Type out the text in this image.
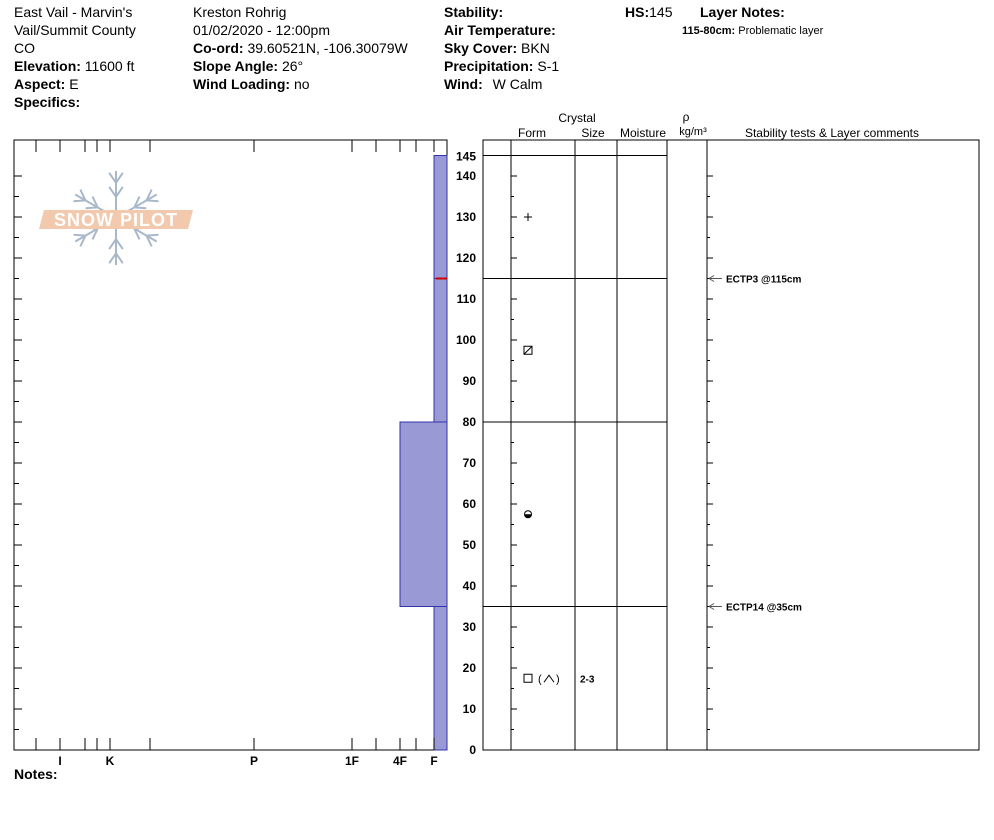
East Vail - Marvin's
Vail/Summit County
CO
Elevation: 11600 ft
Aspect: E
Specifics:
Kreston Rohrig
01/02/2020 - 12:00pm
Co-ord: 39.60521N, -106.30079W
Slope Angle: 26°
Wind Loading: no
Stability:
Air Temperature:
Sky Cover: BKN
Precipitation: S-1
Wind: W Calm
HS:145 Layer Notes:
115-80cm: Problematic layer
SNOW PILOT
I	K	P	1F	4F F
0
10
20
30
40
50
60
70
80
90
100
110
120
130
140
145
Crystal
Form	Size Moisture
ρ
kg/m³	Stability tests & Layer comments
( ) 2-3
ECTP3 @115cm
ECTP14 @35cm
Notes:
